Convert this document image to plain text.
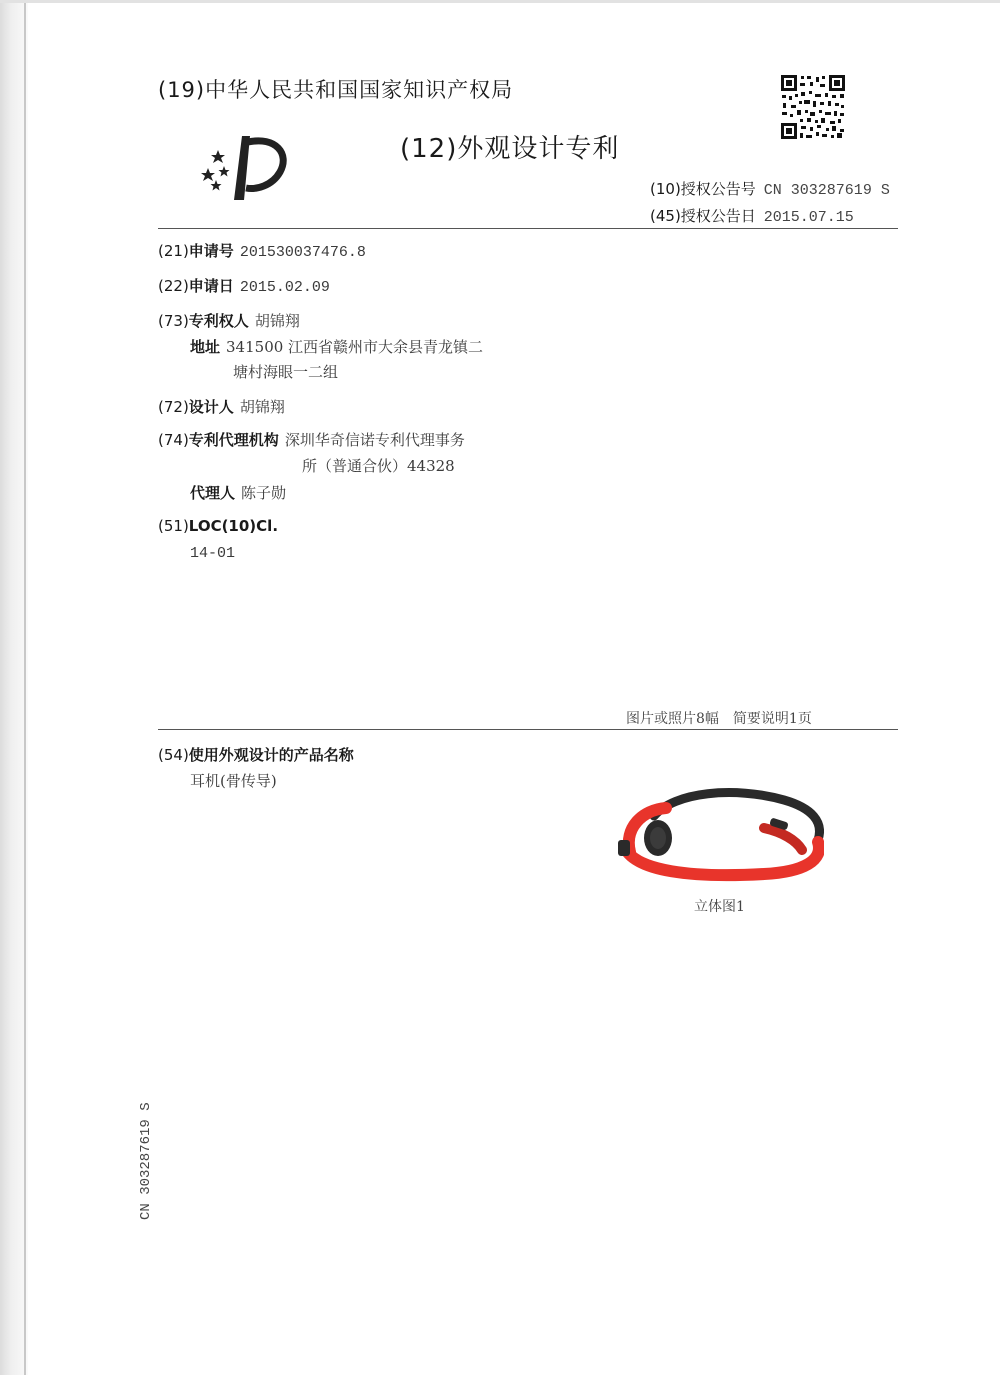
(19)中华人民共和国国家知识产权局
(12)外观设计专利
(10)授权公告号 CN 303287619 S
(45)授权公告日 2015.07.15
(21)申请号 201530037476.8
(22)申请日 2015.02.09
(73)专利权人 胡锦翔
地址 341500 江西省赣州市大余县青龙镇二
塘村海眼一二组
(72)设计人 胡锦翔
(74)专利代理机构 深圳华奇信诺专利代理事务
所（普通合伙）44328
代理人 陈子勋
(51)LOC(10)Cl.
14-01
图片或照片8幅　简要说明1页
(54)使用外观设计的产品名称
耳机(骨传导)
立体图1
CN 303287619 S
